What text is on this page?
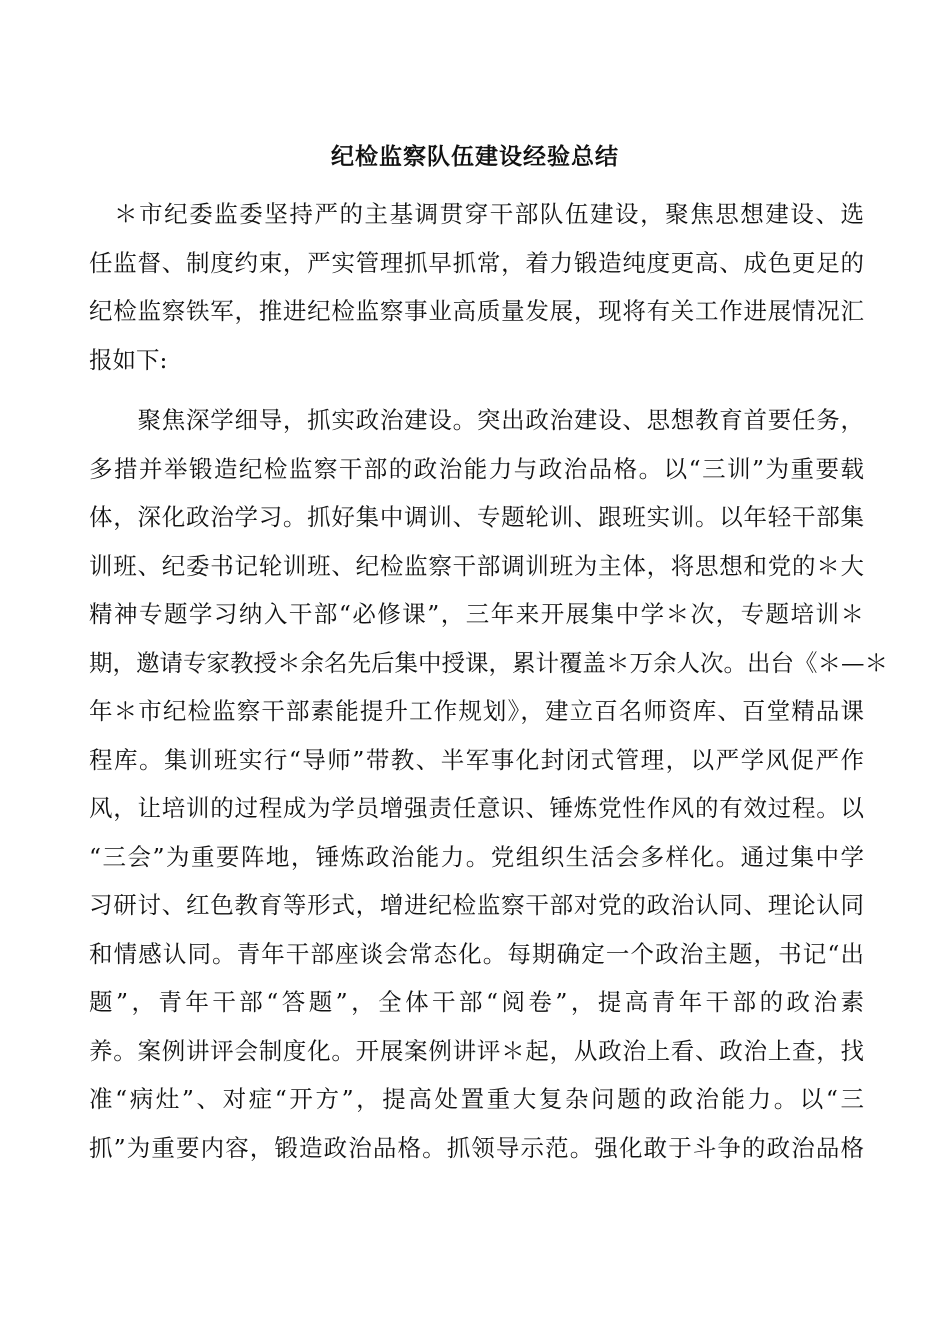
纪检监察队伍建设经验总结
　＊市纪委监委坚持严的主基调贯穿干部队伍建设，聚焦思想建设、选
任监督、制度约束，严实管理抓早抓常，着力锻造纯度更高、成色更足的
纪检监察铁军，推进纪检监察事业高质量发展，现将有关工作进展情况汇
报如下:
　　聚焦深学细导，抓实政治建设。突出政治建设、思想教育首要任务，
多措并举锻造纪检监察干部的政治能力与政治品格。以“三训”为重要载
体，深化政治学习。抓好集中调训、专题轮训、跟班实训。以年轻干部集
训班、纪委书记轮训班、纪检监察干部调训班为主体，将思想和党的＊大
精神专题学习纳入干部“必修课”，三年来开展集中学＊次，专题培训＊
期，邀请专家教授＊余名先后集中授课，累计覆盖＊万余人次。出台《＊—＊
年＊市纪检监察干部素能提升工作规划》，建立百名师资库、百堂精品课
程库。集训班实行“导师”带教、半军事化封闭式管理，以严学风促严作
风，让培训的过程成为学员增强责任意识、锤炼党性作风的有效过程。以
“三会”为重要阵地，锤炼政治能力。党组织生活会多样化。通过集中学
习研讨、红色教育等形式，增进纪检监察干部对党的政治认同、理论认同
和情感认同。青年干部座谈会常态化。每期确定一个政治主题，书记“出
题”，青年干部“答题”，全体干部“阅卷”，提高青年干部的政治素
养。案例讲评会制度化。开展案例讲评＊起，从政治上看、政治上查，找
准“病灶”、对症“开方”，提高处置重大复杂问题的政治能力。以“三
抓”为重要内容，锻造政治品格。抓领导示范。强化敢于斗争的政治品格
